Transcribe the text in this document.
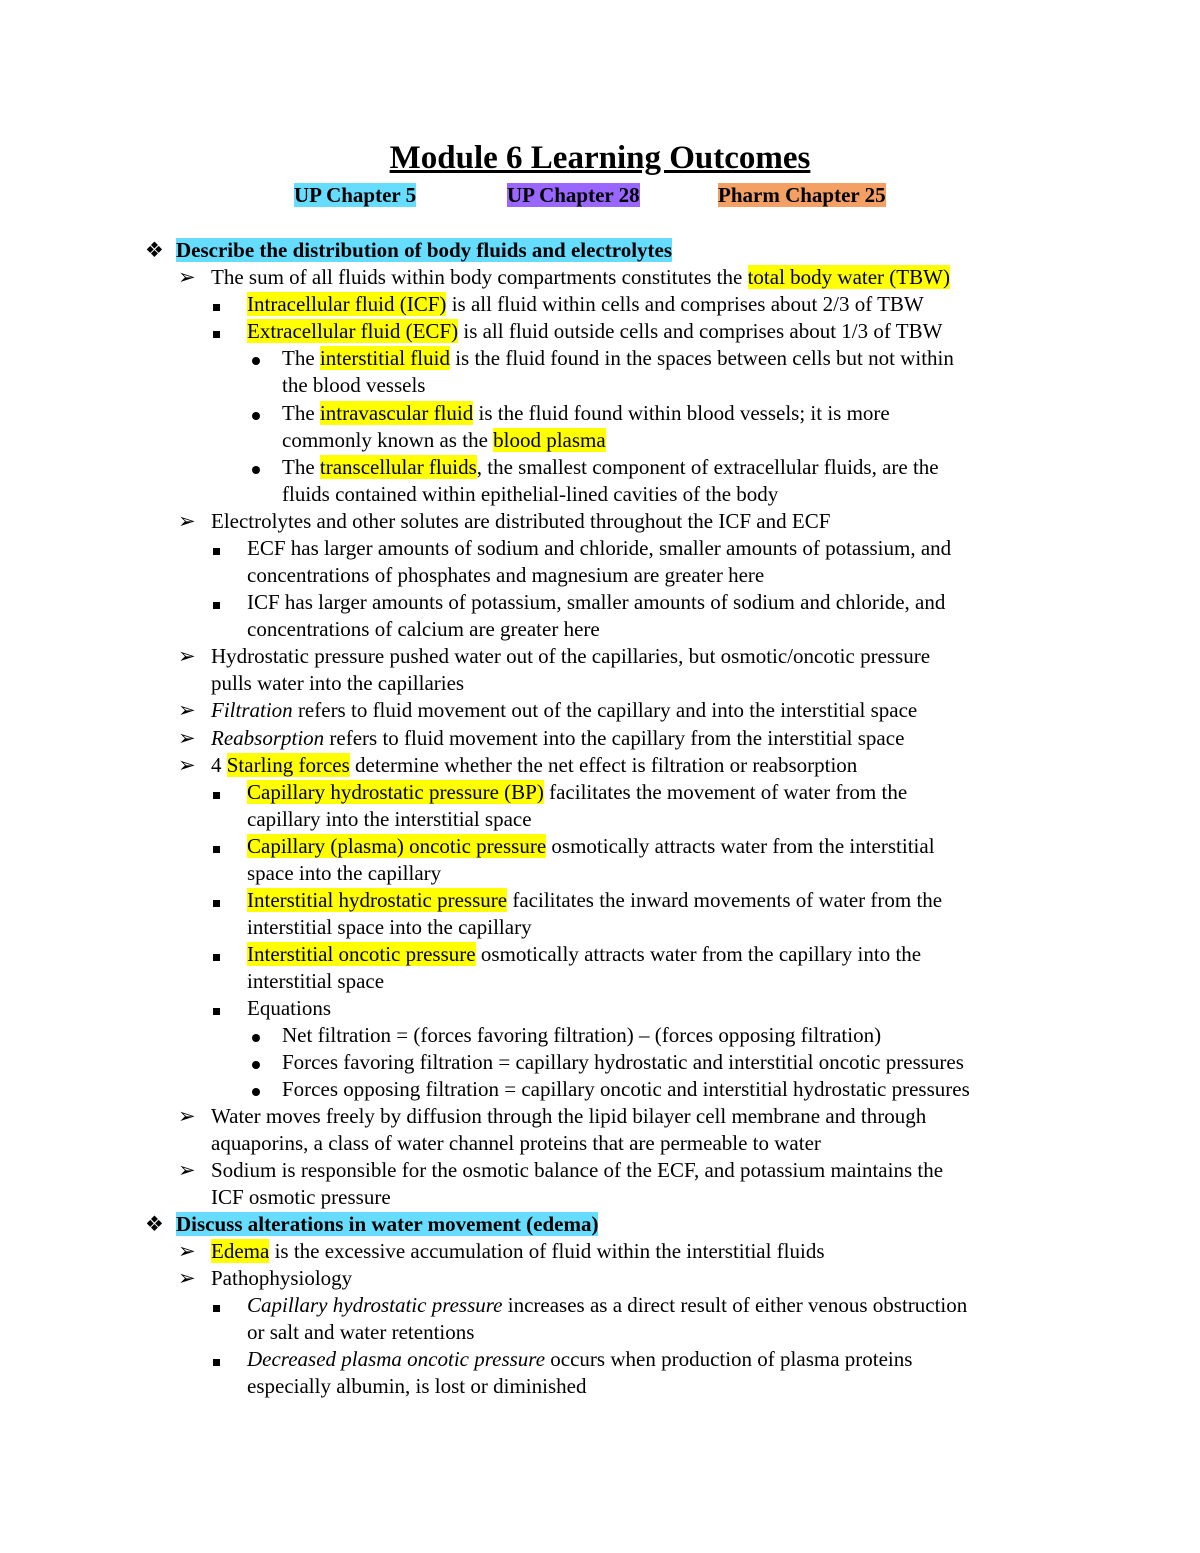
Module 6 Learning Outcomes
UP Chapter 5	UP Chapter 28	Pharm Chapter 25
❖ Describe the distribution of body fluids and electrolytes
➢ The sum of all fluids within body compartments constitutes the total body water (TBW)
Intracellular fluid (ICF) is all fluid within cells and comprises about 2/3 of TBW
Extracellular fluid (ECF) is all fluid outside cells and comprises about 1/3 of TBW
The interstitial fluid is the fluid found in the spaces between cells but not within
the blood vessels
The intravascular fluid is the fluid found within blood vessels; it is more
commonly known as the blood plasma
The transcellular fluids, the smallest component of extracellular fluids, are the
fluids contained within epithelial-lined cavities of the body
➢ Electrolytes and other solutes are distributed throughout the ICF and ECF
ECF has larger amounts of sodium and chloride, smaller amounts of potassium, and
concentrations of phosphates and magnesium are greater here
ICF has larger amounts of potassium, smaller amounts of sodium and chloride, and
concentrations of calcium are greater here
➢ Hydrostatic pressure pushed water out of the capillaries, but osmotic/oncotic pressure
pulls water into the capillaries
➢ Filtration refers to fluid movement out of the capillary and into the interstitial space
➢ Reabsorption refers to fluid movement into the capillary from the interstitial space
➢ 4 Starling forces determine whether the net effect is filtration or reabsorption
Capillary hydrostatic pressure (BP) facilitates the movement of water from the
capillary into the interstitial space
Capillary (plasma) oncotic pressure osmotically attracts water from the interstitial
space into the capillary
Interstitial hydrostatic pressure facilitates the inward movements of water from the
interstitial space into the capillary
Interstitial oncotic pressure osmotically attracts water from the capillary into the
interstitial space
Equations
Net filtration = (forces favoring filtration) – (forces opposing filtration)
Forces favoring filtration = capillary hydrostatic and interstitial oncotic pressures
Forces opposing filtration = capillary oncotic and interstitial hydrostatic pressures
➢ Water moves freely by diffusion through the lipid bilayer cell membrane and through
aquaporins, a class of water channel proteins that are permeable to water
➢ Sodium is responsible for the osmotic balance of the ECF, and potassium maintains the
ICF osmotic pressure
❖ Discuss alterations in water movement (edema)
➢ Edema is the excessive accumulation of fluid within the interstitial fluids
➢ Pathophysiology
Capillary hydrostatic pressure increases as a direct result of either venous obstruction
or salt and water retentions
Decreased plasma oncotic pressure occurs when production of plasma proteins
especially albumin, is lost or diminished
